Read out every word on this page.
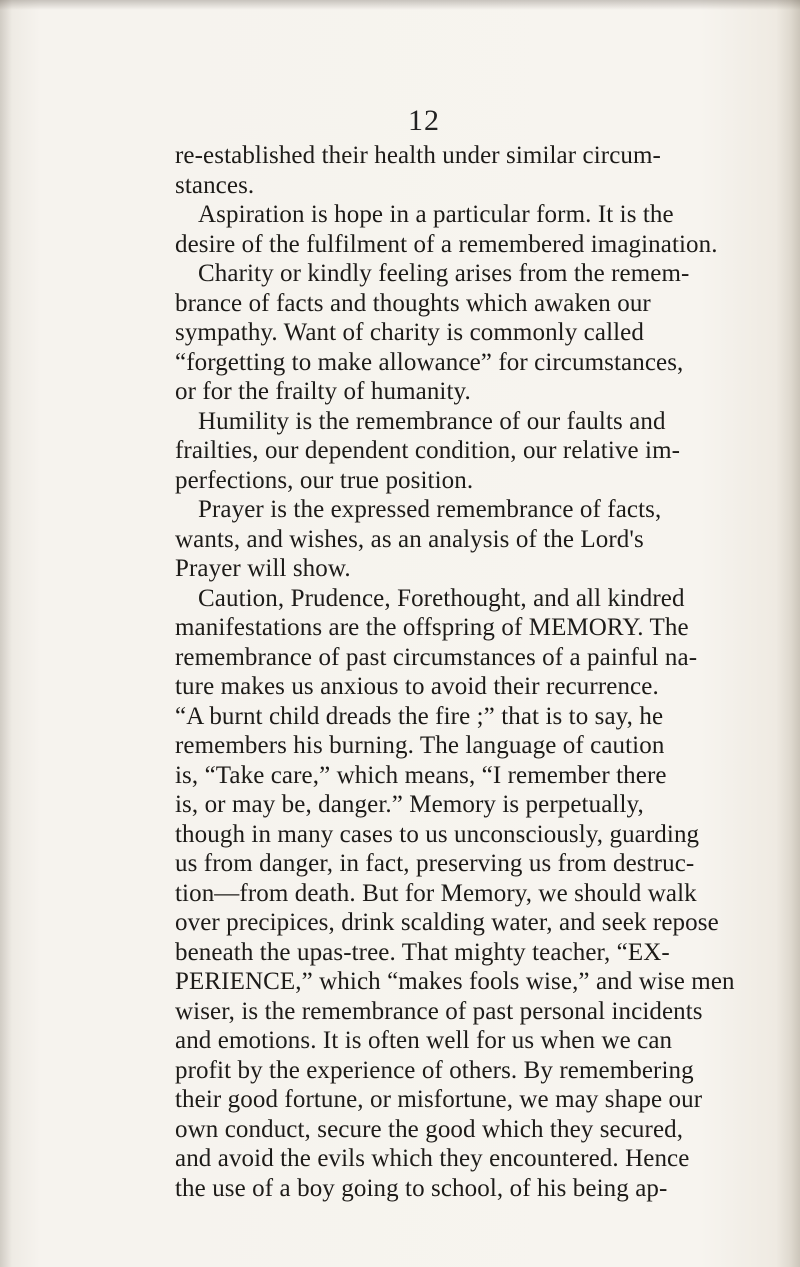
12
re-established their health under similar circum-
stances.
Aspiration is hope in a particular form. It is the
desire of the fulfilment of a remembered imagination.
Charity or kindly feeling arises from the remem-
brance of facts and thoughts which awaken our
sympathy. Want of charity is commonly called
“forgetting to make allowance” for circumstances,
or for the frailty of humanity.
Humility is the remembrance of our faults and
frailties, our dependent condition, our relative im-
perfections, our true position.
Prayer is the expressed remembrance of facts,
wants, and wishes, as an analysis of the Lord's
Prayer will show.
Caution, Prudence, Forethought, and all kindred
manifestations are the offspring of MEMORY. The
remembrance of past circumstances of a painful na-
ture makes us anxious to avoid their recurrence.
“A burnt child dreads the fire ;” that is to say, he
remembers his burning. The language of caution
is, “Take care,” which means, “I remember there
is, or may be, danger.” Memory is perpetually,
though in many cases to us unconsciously, guarding
us from danger, in fact, preserving us from destruc-
tion—from death. But for Memory, we should walk
over precipices, drink scalding water, and seek repose
beneath the upas-tree. That mighty teacher, “EX-
PERIENCE,” which “makes fools wise,” and wise men
wiser, is the remembrance of past personal incidents
and emotions. It is often well for us when we can
profit by the experience of others. By remembering
their good fortune, or misfortune, we may shape our
own conduct, secure the good which they secured,
and avoid the evils which they encountered. Hence
the use of a boy going to school, of his being ap-
